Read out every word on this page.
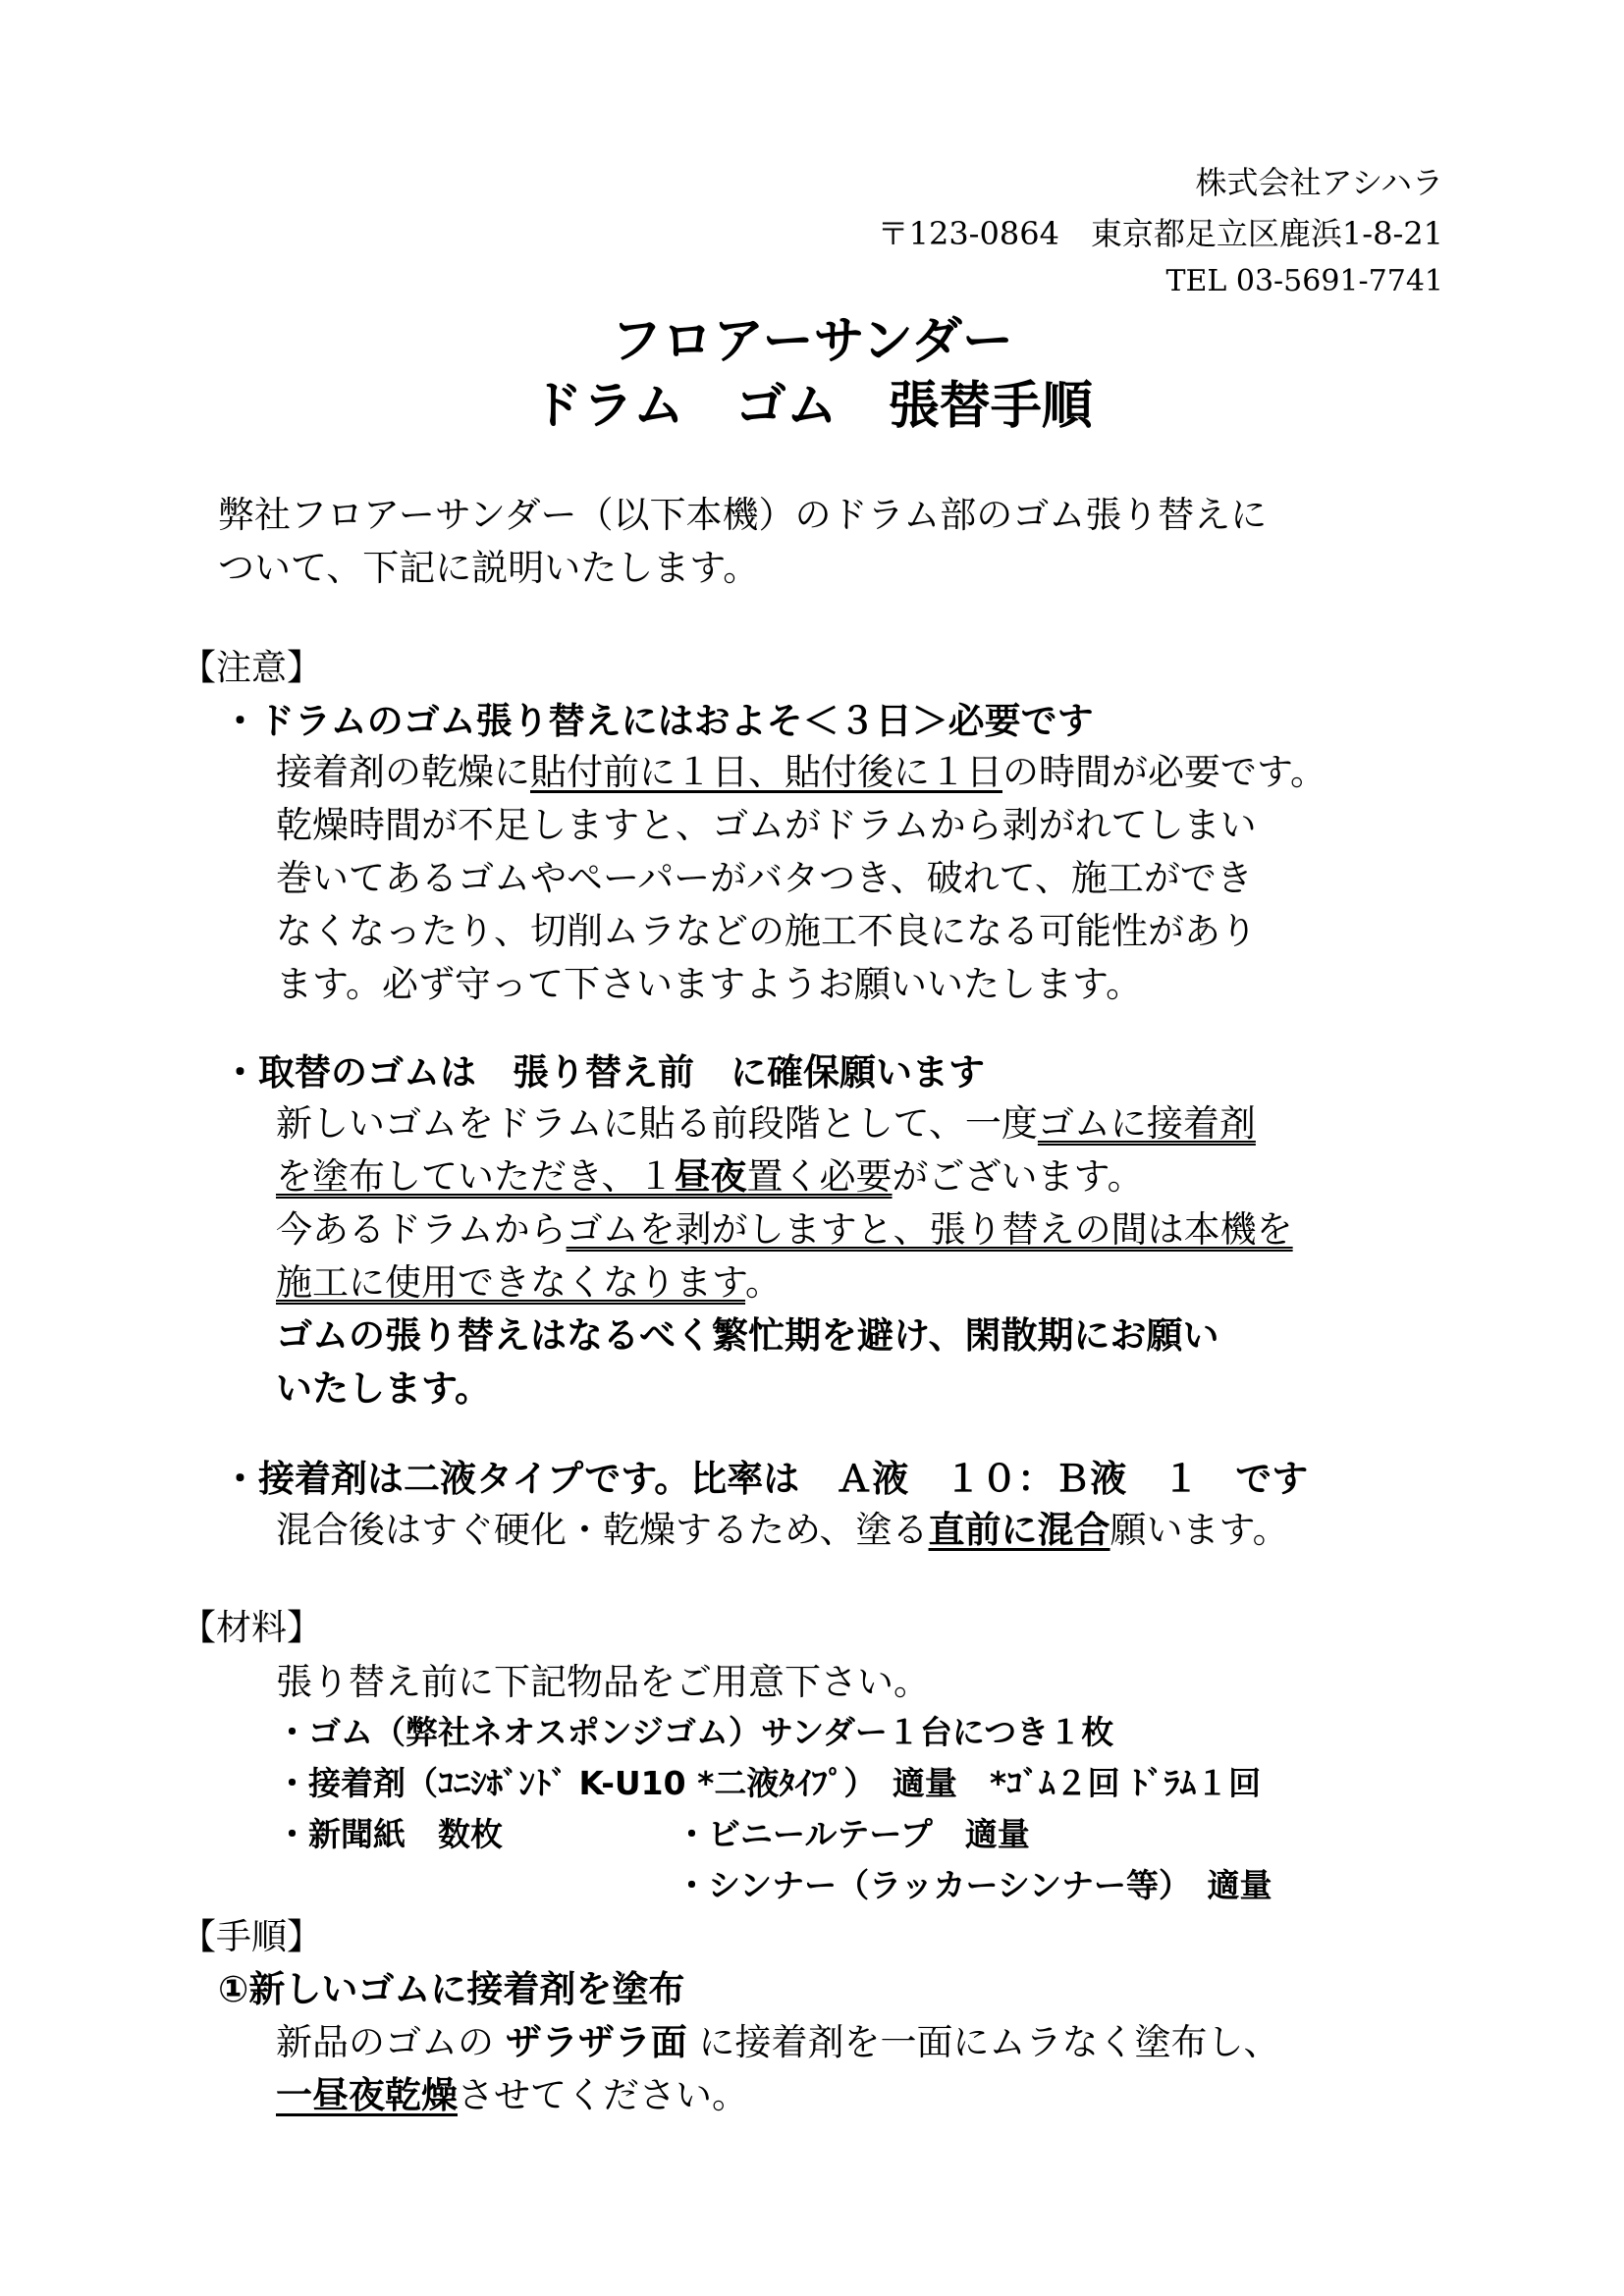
株式会社アシハラ
〒123-0864　東京都足立区鹿浜1-8-21
TEL 03-5691-7741
フロアーサンダー
ドラム　ゴム　張替手順
弊社フロアーサンダー（以下本機）のドラム部のゴム張り替えに
ついて、下記に説明いたします。
【注意】
・ドラムのゴム張り替えにはおよそ＜３日＞必要です
接着剤の乾燥に貼付前に１日、貼付後に１日の時間が必要です。
乾燥時間が不足しますと、ゴムがドラムから剥がれてしまい
巻いてあるゴムやペーパーがバタつき、破れて、施工ができ
なくなったり、切削ムラなどの施工不良になる可能性があり
ます。必ず守って下さいますようお願いいたします。
・取替のゴムは　張り替え前　に確保願います
新しいゴムをドラムに貼る前段階として、一度ゴムに接着剤
を塗布していただき、１昼夜置く必要がございます。
今あるドラムからゴムを剥がしますと、張り替えの間は本機を
施工に使用できなくなります。
ゴムの張り替えはなるべく繁忙期を避け、閑散期にお願い
いたします。
・接着剤は二液タイプです。比率は　Ａ液　１０：Ｂ液　１　です
混合後はすぐ硬化・乾燥するため、塗る直前に混合願います。
【材料】
張り替え前に下記物品をご用意下さい。
・ゴム（弊社ネオスポンジゴム）サンダー１台につき１枚
・接着剤（ｺﾆｼﾎﾞﾝﾄﾞ K-U10 *二液ﾀｲﾌﾟ）　適量　*ｺﾞﾑ２回 ﾄﾞﾗﾑ１回
・新聞紙　数枚	・ビニールテープ　適量
・シンナー（ラッカーシンナー等）　適量
【手順】
①新しいゴムに接着剤を塗布
新品のゴムの ザラザラ面 に接着剤を一面にムラなく塗布し、
一昼夜乾燥させてください。
